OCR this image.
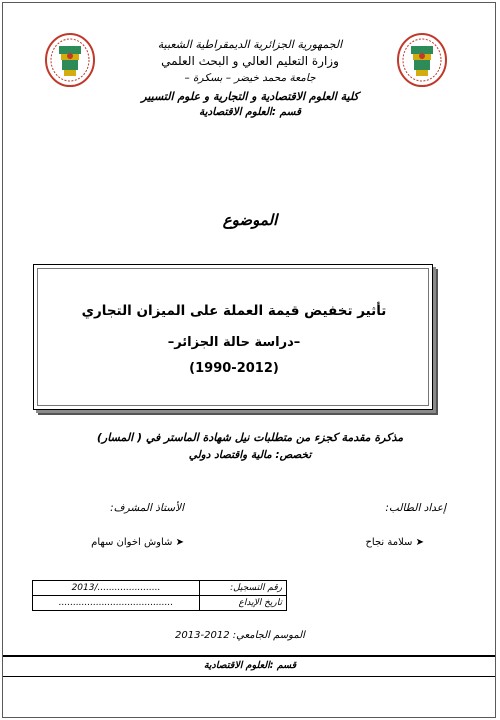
الجمهورية الجزائرية الديمقراطية الشعبية
وزارة التعليم العالي و البحث العلمي
جامعة محمد خيضر – بسكرة –
كلية العلوم الاقتصادية و التجارية و علوم التسيير
قسم :العلوم الاقتصادية
الموضوع
تأثير تخفيض قيمة العملة على الميزان التجاري
–دراسة حالة الجزائر–
(1990-2012)
مذكرة مقدمة كجزء من متطلبات نيل شهادة الماستر في ( المسار)
تخصص: مالية واقتصاد دولي
إعداد الطالب:
الأستاذ المشرف:
➤ سلامة نجاح
➤ شاوش اخوان سهام
2013/......................	رقم التسجيل:
........................................	تاريخ الإيداع
الموسم الجامعي: 2012-2013
قسم :العلوم الاقتصادية
